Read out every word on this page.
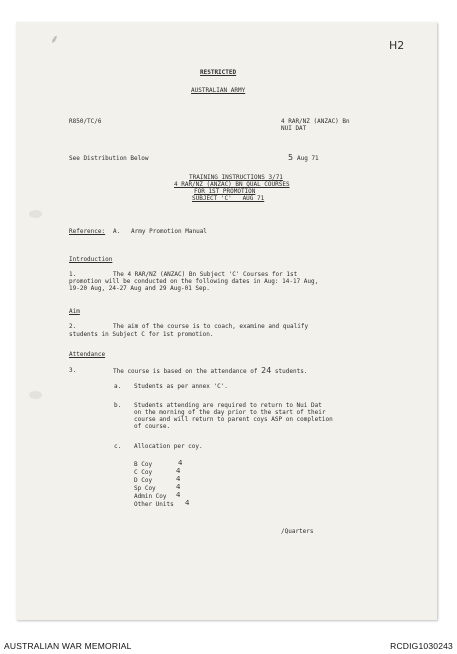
⸙	H2
RESTRICTED
AUSTRALIAN ARMY
R850/TC/6	4 RAR/NZ (ANZAC) Bn
NUI DAT
See Distribution Below	5 Aug 71
TRAINING INSTRUCTIONS 3/71
4 RAR/NZ (ANZAC) BN QUAL COURSES
FOR 1ST PROMOTION
SUBJECT 'C'   AUG 71
Reference: A.   Army Promotion Manual
Introduction
1.	The 4 RAR/NZ (ANZAC) Bn Subject 'C' Courses for 1st
promotion will be conducted on the following dates in Aug: 14-17 Aug,
19-20 Aug, 24-27 Aug and 29 Aug-01 Sep.
Aim
2.	The aim of the course is to coach, examine and qualify
students in Subject C for 1st promotion.
Attendance
3.	The course is based on the attendance of 24 students.
a. Students as per annex 'C'.
b. Students attending are required to return to Nui Dat
on the morning of the day prior to the start of their
course and will return to parent coys ASP on completion
of course.
c. Allocation per coy.
B Coy	4
C Coy	4
D Coy	4
Sp Coy	4
Admin Coy 4
Other Units 4
/Quarters
AUSTRALIAN WAR MEMORIAL	RCDIG1030243
